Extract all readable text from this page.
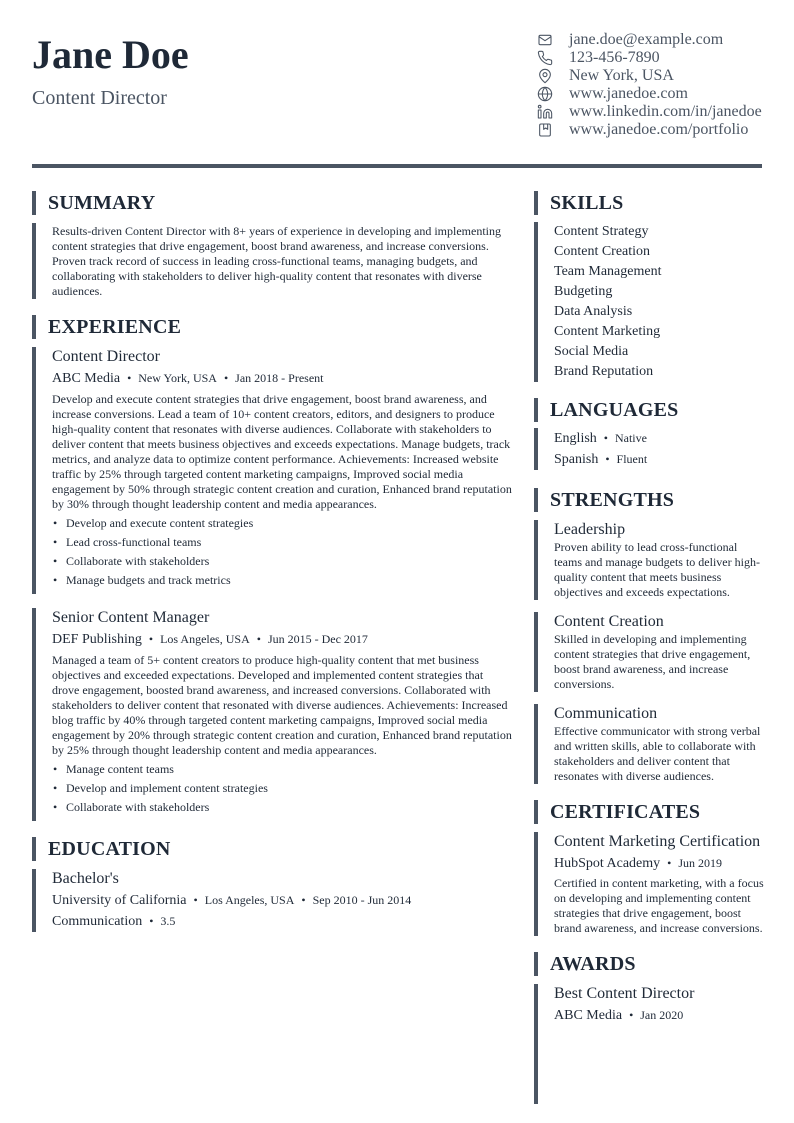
Jane Doe
Content Director
jane.doe@example.com
123-456-7890
New York, USA
www.janedoe.com
www.linkedin.com/in/janedoe
www.janedoe.com/portfolio
SUMMARY
Results-driven Content Director with 8+ years of experience in developing and implementing content strategies that drive engagement, boost brand awareness, and increase conversions. Proven track record of success in leading cross-functional teams, managing budgets, and collaborating with stakeholders to deliver high-quality content that resonates with diverse audiences.
EXPERIENCE
Content Director
ABC Media • New York, USA • Jan 2018 - Present
Develop and execute content strategies that drive engagement, boost brand awareness, and increase conversions. Lead a team of 10+ content creators, editors, and designers to produce high-quality content that resonates with diverse audiences. Collaborate with stakeholders to deliver content that meets business objectives and exceeds expectations. Manage budgets, track metrics, and analyze data to optimize content performance. Achievements: Increased website traffic by 25% through targeted content marketing campaigns, Improved social media engagement by 50% through strategic content creation and curation, Enhanced brand reputation by 30% through thought leadership content and media appearances.
• Develop and execute content strategies
• Lead cross-functional teams
• Collaborate with stakeholders
• Manage budgets and track metrics
Senior Content Manager
DEF Publishing • Los Angeles, USA • Jun 2015 - Dec 2017
Managed a team of 5+ content creators to produce high-quality content that met business objectives and exceeded expectations. Developed and implemented content strategies that drove engagement, boosted brand awareness, and increased conversions. Collaborated with stakeholders to deliver content that resonated with diverse audiences. Achievements: Increased blog traffic by 40% through targeted content marketing campaigns, Improved social media engagement by 20% through strategic content creation and curation, Enhanced brand reputation by 25% through thought leadership content and media appearances.
• Manage content teams
• Develop and implement content strategies
• Collaborate with stakeholders
EDUCATION
Bachelor's
University of California • Los Angeles, USA • Sep 2010 - Jun 2014
Communication • 3.5
SKILLS
Content Strategy
Content Creation
Team Management
Budgeting
Data Analysis
Content Marketing
Social Media
Brand Reputation
LANGUAGES
English • Native
Spanish • Fluent
STRENGTHS
Leadership
Proven ability to lead cross-functional teams and manage budgets to deliver high-quality content that meets business objectives and exceeds expectations.
Content Creation
Skilled in developing and implementing content strategies that drive engagement, boost brand awareness, and increase conversions.
Communication
Effective communicator with strong verbal and written skills, able to collaborate with stakeholders and deliver content that resonates with diverse audiences.
CERTIFICATES
Content Marketing Certification
HubSpot Academy • Jun 2019
Certified in content marketing, with a focus on developing and implementing content strategies that drive engagement, boost brand awareness, and increase conversions.
AWARDS
Best Content Director
ABC Media • Jan 2020
